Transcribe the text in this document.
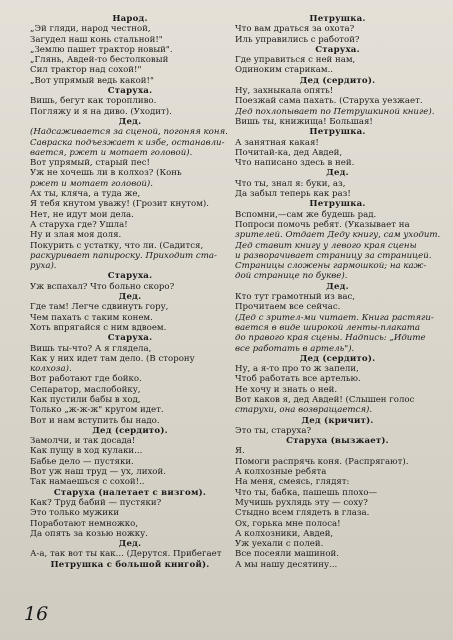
Народ.
„Эй гляди, народ честной,
Загудел наш конь стальной!"
„Землю пашет трактор новый".
„Глянь, Авдей-то бестолковый
Сил трактор над сохой!"
„Вот упрямый ведь какой!"
Старуха.
Вишь, бегут как торопливо.
Погляжу и я на диво. (Уходит).
Дед.
(Надсаживается за сценой, погоняя коня.
Савраска подъезжает к избе, останавли-
вается, ржет и мотает головой).
Вот упрямый, старый пес!
Уж не хочешь ли в колхоз? (Конь
ржет и мотает головой).
Ах ты, кляча, а туда же,
Я тебя кнутом уважу! (Грозит кнутом).
Нет, не идут мои дела.
А старуха где? Ушла!
Ну и злая моя доля.
Покурить с устатку, что ли. (Садится,
раскуривает папироску. Приходит ста-
руха).
Старуха.
Уж вспахал? Что больно скоро?
Дед.
Где там! Легче сдвинуть гору,
Чем пахать с таким конем.
Хоть впрягайся с ним вдвоем.
Старуха.
Вишь ты-что? А я глядела,
Как у них идет там дело. (В сторону
колхоза).
Вот работают где бойко.
Сепаратор, маслобойку,
Как пустили бабы в ход,
Только „ж-ж-ж" кругом идет.
Вот и нам вступить бы надо.
Дед (сердито).
Замолчи, и так досада!
Как пущу в ход кулаки...
Бабье дело — пустяки.
Вот уж наш труд — ух, лихой.
Так намаешься с сохой!..
Старуха (налетает с визгом).
Как? Труд бабий — пустяки?
Это только мужики
Поработают немножко,
Да опять за козью ножку.
Дед.
А-а, так вот ты как... (Дерутся. Прибегает
Петрушка с большой книгой).
Петрушка.
Что вам драться за охота?
Иль управились с работой?
Старуха.
Где управиться с ней нам,
Одиноким старикам..
Дед (сердито).
Ну, захныкала опять!
Поезжай сама пахать. (Старуха уезжает.
Дед похлопывает по Петрушкиной книге).
Вишь ты, книжища! Большая!
Петрушка.
А занятная какая!
Почитай-ка, дед Авдей,
Что написано здесь в ней.
Дед.
Что ты, знал я: буки, аз,
Да забыл теперь как раз!
Петрушка.
Вспомни,—сам же будешь рад.
Попроси помочь ребят. (Указывает на
зрителей. Отдает Деду книгу, сам уходит.
Дед ставит книгу у левого края сцены
и разворачивает страницу за страницей.
Страницы сложены гармошкой; на каж-
дой странице по букве).
Дед.
Кто тут грамотный из вас,
Прочитаем все сейчас.
(Дед с зрител-ми читает. Книга растяги-
вается в виде широкой ленты-плаката
до правого края сцены. Надпись: „Идите
все работать в артель").
Дед (сердито).
Ну, а я-то про то ж запели,
Чтоб работать все артелью.
Не хочу и знать о ней.
Вот каков я, дед Авдей! (Слышен голос
старухи, она возвращается).
Дед (кричит).
Это ты, старуха?
Старуха (вызжает).
Я.
Помоги распрячь коня. (Распрягают).
А колхозные ребята
На меня, смеясь, глядят:
Что ты, бабка, пашешь плохо—
Мучишь рухлядь эту — соху?
Стыдно всем глядеть в глаза.
Ох, горька мне полоса!
А колхозники, Авдей,
Уж уехали с полей.
Все посеяли машиной.
А мы нашу десятину...
16
